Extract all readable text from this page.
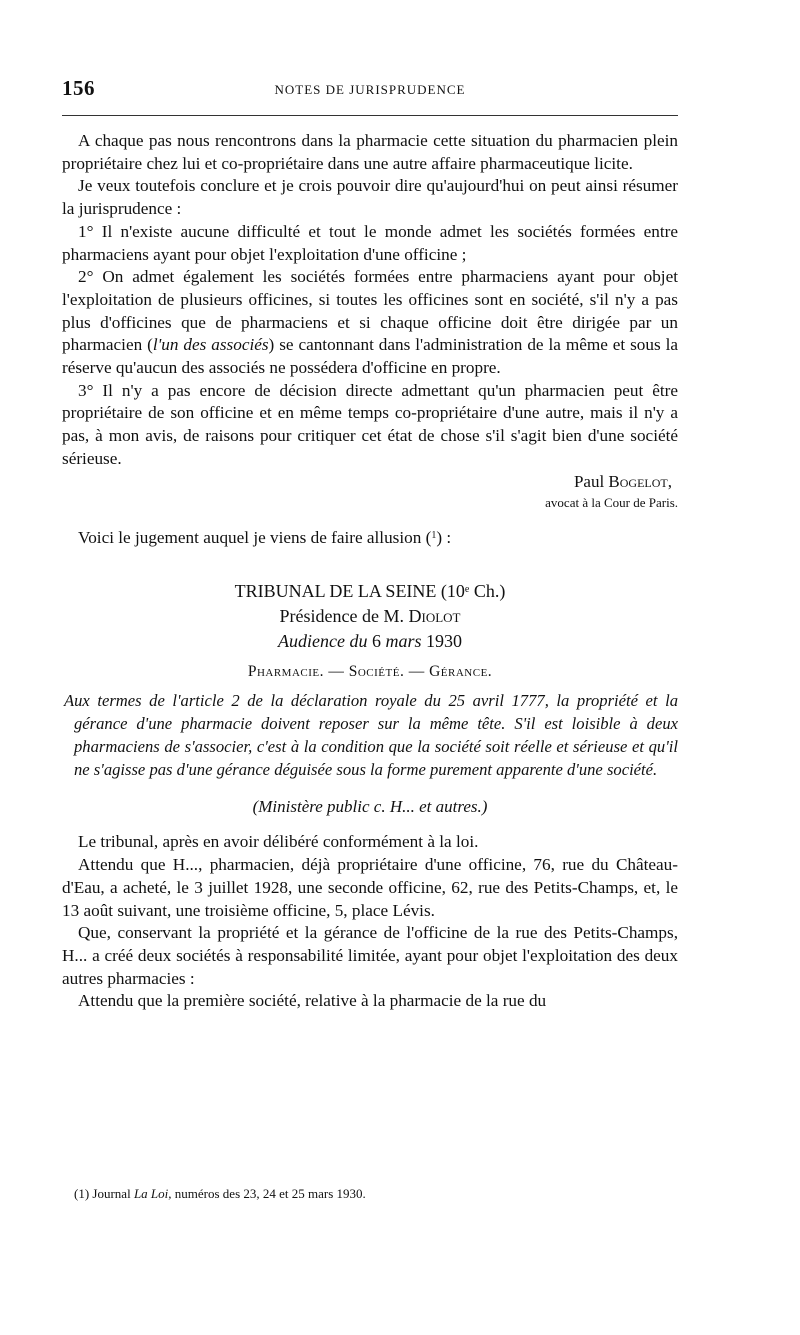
156	NOTES DE JURISPRUDENCE

A chaque pas nous rencontrons dans la pharmacie cette situation du pharmacien plein propriétaire chez lui et co-propriétaire dans une autre affaire pharmaceutique licite.

Je veux toutefois conclure et je crois pouvoir dire qu'aujourd'hui on peut ainsi résumer la jurisprudence :

1° Il n'existe aucune difficulté et tout le monde admet les sociétés formées entre pharmaciens ayant pour objet l'exploitation d'une officine ;

2° On admet également les sociétés formées entre pharmaciens ayant pour objet l'exploitation de plusieurs officines, si toutes les officines sont en société, s'il n'y a pas plus d'officines que de pharmaciens et si chaque officine doit être dirigée par un pharmacien (l'un des associés) se cantonnant dans l'administration de la même et sous la réserve qu'aucun des associés ne possédera d'officine en propre.

3° Il n'y a pas encore de décision directe admettant qu'un pharmacien peut être propriétaire de son officine et en même temps co-propriétaire d'une autre, mais il n'y a pas, à mon avis, de raisons pour critiquer cet état de chose s'il s'agit bien d'une société sérieuse.

Paul Bogelot,
avocat à la Cour de Paris.

Voici le jugement auquel je viens de faire allusion ($^1$) :

TRIBUNAL DE LA SEINE (10e Ch.)
Présidence de M. Diolot
Audience du 6 mars 1930
Pharmacie. — Société. — Gérance.

Aux termes de l'article 2 de la déclaration royale du 25 avril 1777, la propriété et la gérance d'une pharmacie doivent reposer sur la même tête. S'il est loisible à deux pharmaciens de s'associer, c'est à la condition que la société soit réelle et sérieuse et qu'il ne s'agisse pas d'une gérance déguisée sous la forme purement apparente d'une société.

(Ministère public c. H... et autres.)

Le tribunal, après en avoir délibéré conformément à la loi.

Attendu que H..., pharmacien, déjà propriétaire d'une officine, 76, rue du Château-d'Eau, a acheté, le 3 juillet 1928, une seconde officine, 62, rue des Petits-Champs, et, le 13 août suivant, une troisième officine, 5, place Lévis.

Que, conservant la propriété et la gérance de l'officine de la rue des Petits-Champs, H... a créé deux sociétés à responsabilité limitée, ayant pour objet l'exploitation des deux autres pharmacies :

Attendu que la première société, relative à la pharmacie de la rue du

(1) Journal La Loi, numéros des 23, 24 et 25 mars 1930.
